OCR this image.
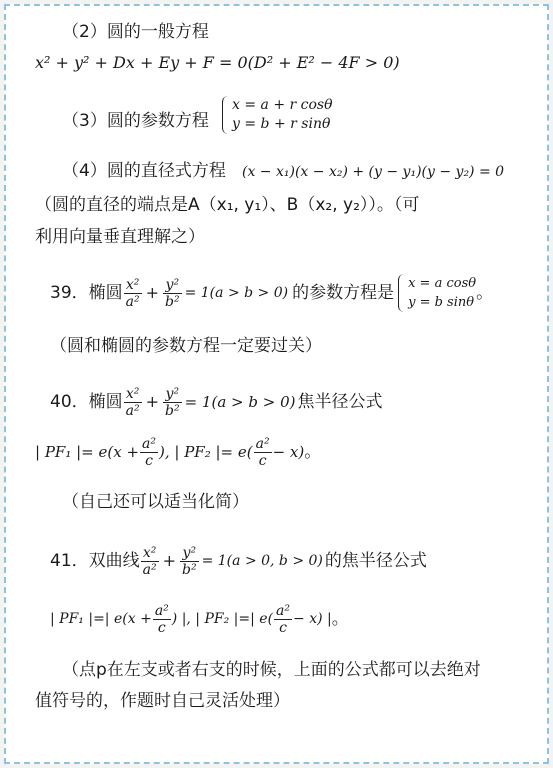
（2）圆的一般方程
x² + y² + Dx + Ey + F = 0(D² + E² − 4F > 0)
（3）圆的参数方程
x = a + r cosθ
y = b + r sinθ
（4）圆的直径式方程 (x − x₁)(x − x₂) + (y − y₁)(y − y₂) = 0
（圆的直径的端点是A（x₁, y₁）、B（x₂, y₂））。（可
利用向量垂直理解之）
39．椭圆 $\frac{\text{x²}}{\text{a²}} + \frac{\text{y²}}{\text{b²}} = 1(a > b > 0)$ 的参数方程是 x = a cosθ
y = b sinθ 。
（圆和椭圆的参数方程一定要过关）
40．椭圆 $\frac{\text{x²}}{\text{a²}} + \frac{\text{y²}}{\text{b²}} = 1(a > b > 0)$ 焦半径公式
| PF₁ |= $e(x + \frac{\text{a²}}{c}$ ), | PF₂ |= $e( \frac{\text{a²}}{c} - x)$ 。
（自己还可以适当化简）
41．双曲线 $\frac{\text{x²}}{\text{a²}} + \frac{\text{y²}}{\text{b²}} = 1(a > 0$, b > 0) 的焦半径公式
| PF₁ |=| $e(x + \frac{\text{a²}}{c}$ ) |, | PF₂ |=| $e( \frac{\text{a²}}{c} - x)$ | 。
（点p在左支或者右支的时候，上面的公式都可以去绝对
值符号的，作题时自己灵活处理）
